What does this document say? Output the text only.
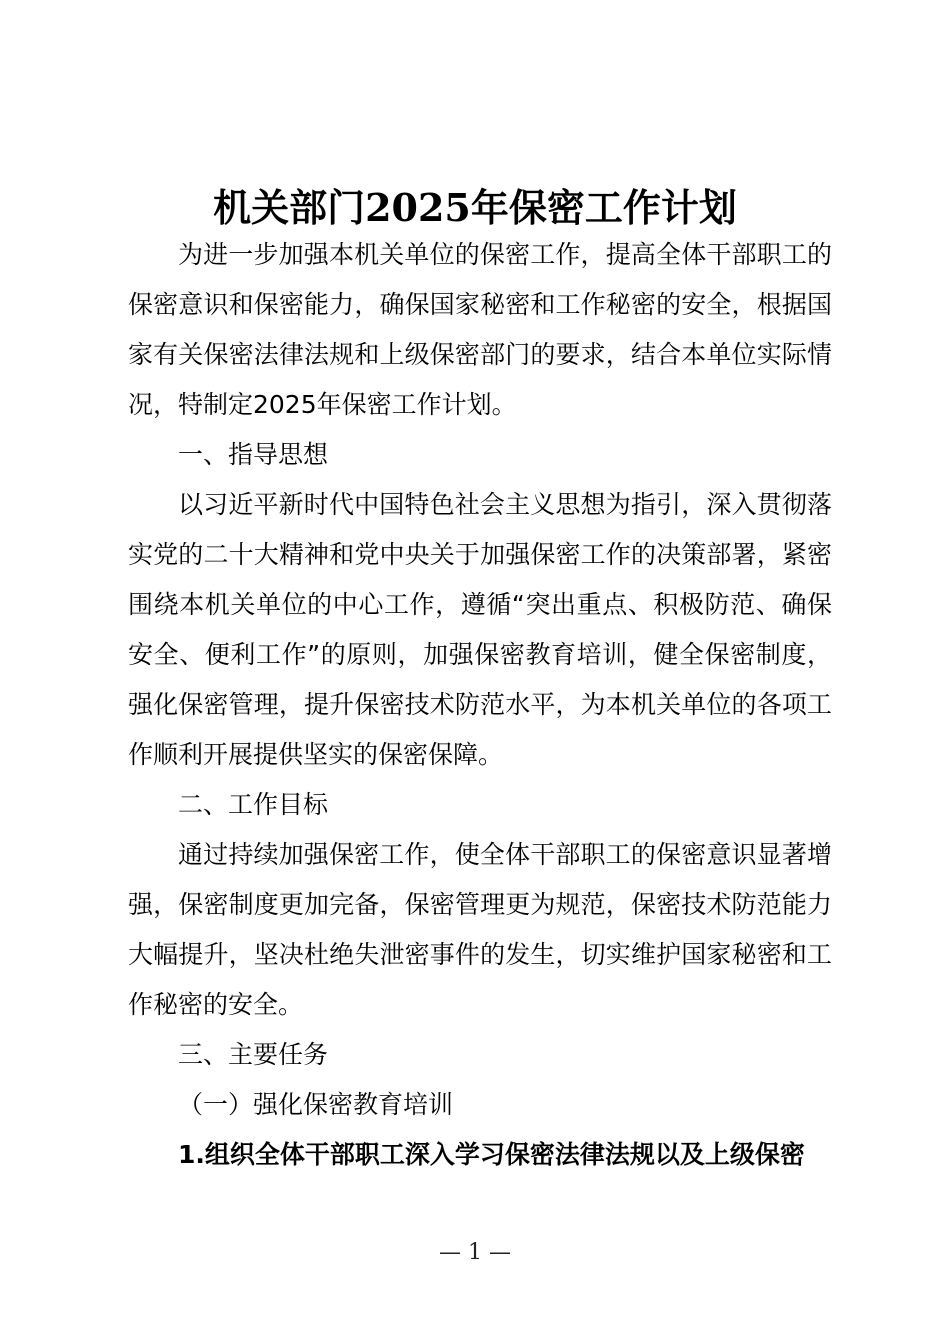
机关部门2025年保密工作计划

为进一步加强本机关单位的保密工作，提高全体干部职工的保密意识和保密能力，确保国家秘密和工作秘密的安全，根据国家有关保密法律法规和上级保密部门的要求，结合本单位实际情况，特制定2025年保密工作计划。

一、指导思想

以习近平新时代中国特色社会主义思想为指引，深入贯彻落实党的二十大精神和党中央关于加强保密工作的决策部署，紧密围绕本机关单位的中心工作，遵循“突出重点、积极防范、确保安全、便利工作”的原则，加强保密教育培训，健全保密制度，强化保密管理，提升保密技术防范水平，为本机关单位的各项工作顺利开展提供坚实的保密保障。

二、工作目标

通过持续加强保密工作，使全体干部职工的保密意识显著增强，保密制度更加完备，保密管理更为规范，保密技术防范能力大幅提升，坚决杜绝失泄密事件的发生，切实维护国家秘密和工作秘密的安全。

三、主要任务

（一）强化保密教育培训

1.组织全体干部职工深入学习保密法律法规以及上级保密

— 1 —
